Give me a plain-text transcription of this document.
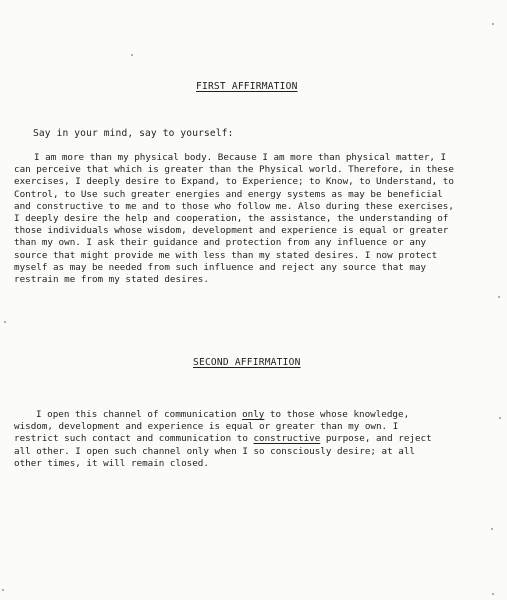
FIRST AFFIRMATION
Say in your mind, say to yourself:

I am more than my physical body. Because I am more than physical matter, I
can perceive that which is greater than the Physical world. Therefore, in these
exercises, I deeply desire to Expand, to Experience; to Know, to Understand, to
Control, to Use such greater energies and energy systems as may be beneficial
and constructive to me and to those who follow me. Also during these exercises,
I deeply desire the help and cooperation, the assistance, the understanding of
those individuals whose wisdom, development and experience is equal or greater
than my own. I ask their guidance and protection from any influence or any
source that might provide me with less than my stated desires. I now protect
myself as may be needed from such influence and reject any source that may
restrain me from my stated desires.

SECOND AFFIRMATION

I open this channel of communication only to those whose knowledge,
wisdom, development and experience is equal or greater than my own. I
restrict such contact and communication to constructive purpose, and reject
all other. I open such channel only when I so consciously desire; at all
other times, it will remain closed.
